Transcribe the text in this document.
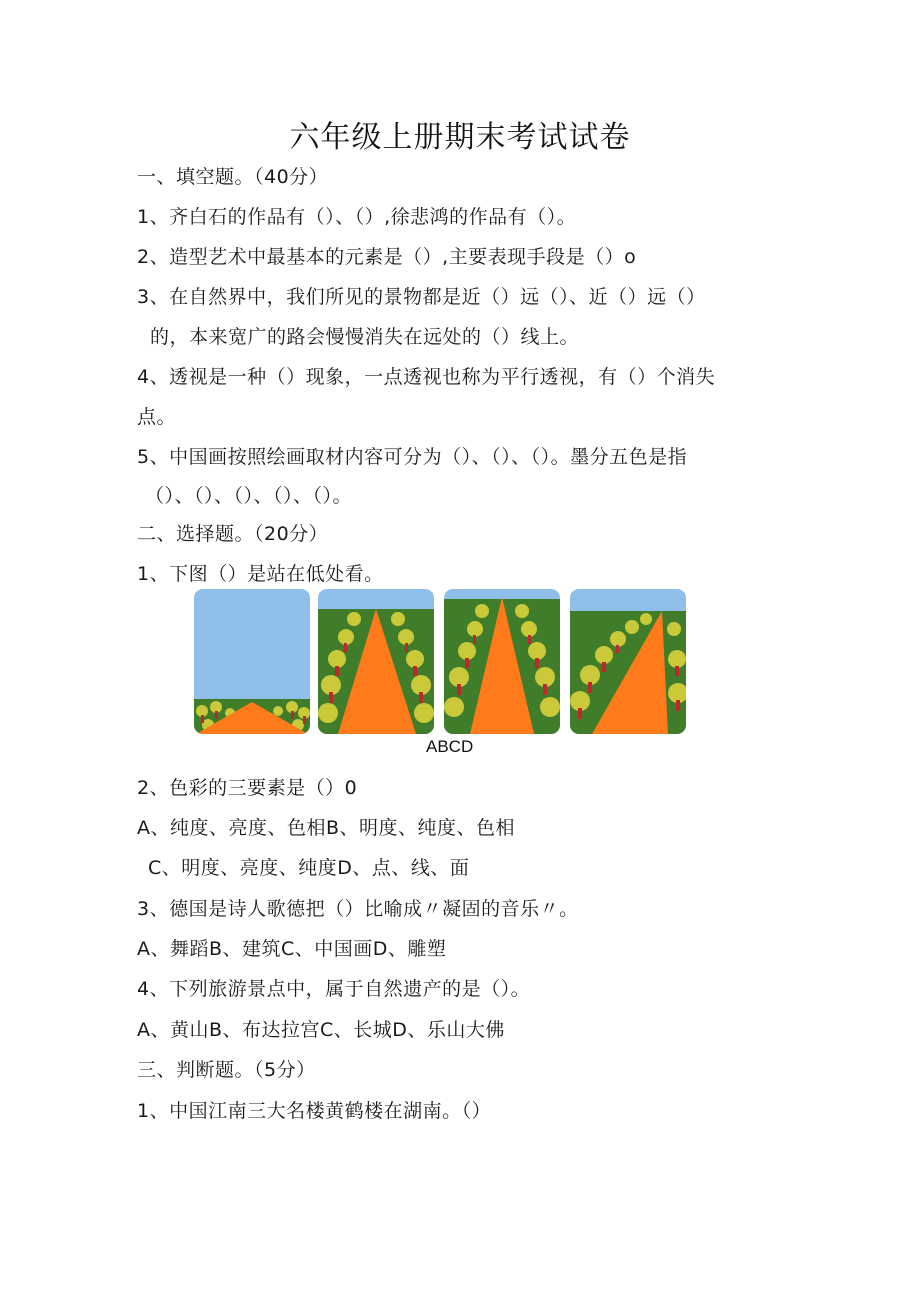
六年级上册期末考试试卷
一、填空题。（40分）
1、齐白石的作品有（）、（）,徐悲鸿的作品有（）。
2、造型艺术中最基本的元素是（）,主要表现手段是（）o
3、在自然界中，我们所见的景物都是近（）远（）、近（）远（）
的，本来宽广的路会慢慢消失在远处的（）线上。
4、透视是一种（）现象，一点透视也称为平行透视，有（）个消失
点。
5、中国画按照绘画取材内容可分为（）、（）、（）。墨分五色是指
（）、（）、（）、（）、（）。
二、选择题。（20分）
1、下图（）是站在低处看。
ABCD
2、色彩的三要素是（）0
A、纯度、亮度、色相B、明度、纯度、色相
C、明度、亮度、纯度D、点、线、面
3、德国是诗人歌德把（）比喻成〃凝固的音乐〃。
A、舞蹈B、建筑C、中国画D、雕塑
4、下列旅游景点中，属于自然遗产的是（）。
A、黄山B、布达拉宫C、长城D、乐山大佛
三、判断题。（5分）
1、中国江南三大名楼黄鹤楼在湖南。（）
